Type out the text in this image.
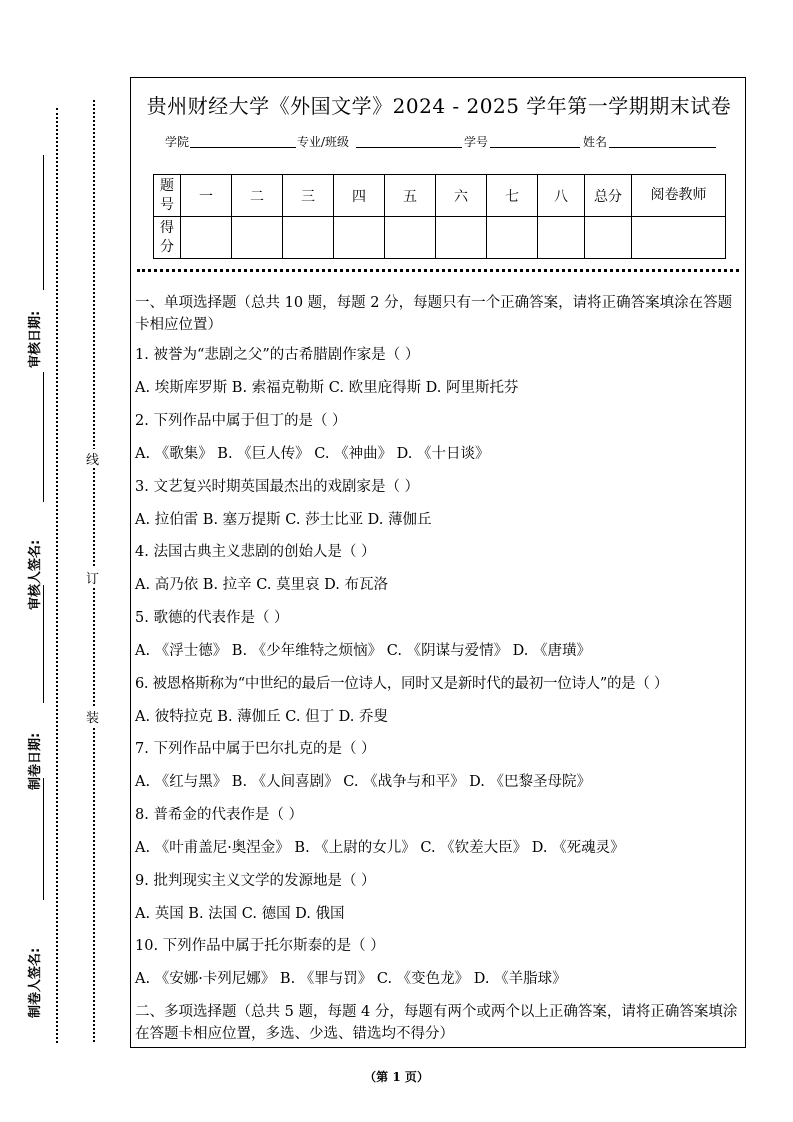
审核日期:
审核人签名:
制卷日期:
制卷人签名:
线
订
装
贵州财经大学《外国文学》2024 - 2025 学年第一学期期末试卷
学院	专业/班级	学号	姓名
题号	一	二	三	四	五	六	七	八	总分	阅卷教师
得分										
一、单项选择题（总共 10 题，每题 2 分，每题只有一个正确答案，请将正确答案填涂在答题卡相应位置）
1. 被誉为“悲剧之父”的古希腊剧作家是（ ）
A. 埃斯库罗斯 B. 索福克勒斯 C. 欧里庇得斯 D. 阿里斯托芬
2. 下列作品中属于但丁的是（ ）
A. 《歌集》 B. 《巨人传》 C. 《神曲》 D. 《十日谈》
3. 文艺复兴时期英国最杰出的戏剧家是（ ）
A. 拉伯雷 B. 塞万提斯 C. 莎士比亚 D. 薄伽丘
4. 法国古典主义悲剧的创始人是（ ）
A. 高乃依 B. 拉辛 C. 莫里哀 D. 布瓦洛
5. 歌德的代表作是（ ）
A. 《浮士德》 B. 《少年维特之烦恼》 C. 《阴谋与爱情》 D. 《唐璜》
6. 被恩格斯称为“中世纪的最后一位诗人，同时又是新时代的最初一位诗人”的是（ ）
A. 彼特拉克 B. 薄伽丘 C. 但丁 D. 乔叟
7. 下列作品中属于巴尔扎克的是（ ）
A. 《红与黑》 B. 《人间喜剧》 C. 《战争与和平》 D. 《巴黎圣母院》
8. 普希金的代表作是（ ）
A. 《叶甫盖尼·奥涅金》 B. 《上尉的女儿》 C. 《钦差大臣》 D. 《死魂灵》
9. 批判现实主义文学的发源地是（ ）
A. 英国 B. 法国 C. 德国 D. 俄国
10. 下列作品中属于托尔斯泰的是（ ）
A. 《安娜·卡列尼娜》 B. 《罪与罚》 C. 《变色龙》 D. 《羊脂球》
二、多项选择题（总共 5 题，每题 4 分，每题有两个或两个以上正确答案，请将正确答案填涂在答题卡相应位置，多选、少选、错选均不得分）
（第 1 页）
